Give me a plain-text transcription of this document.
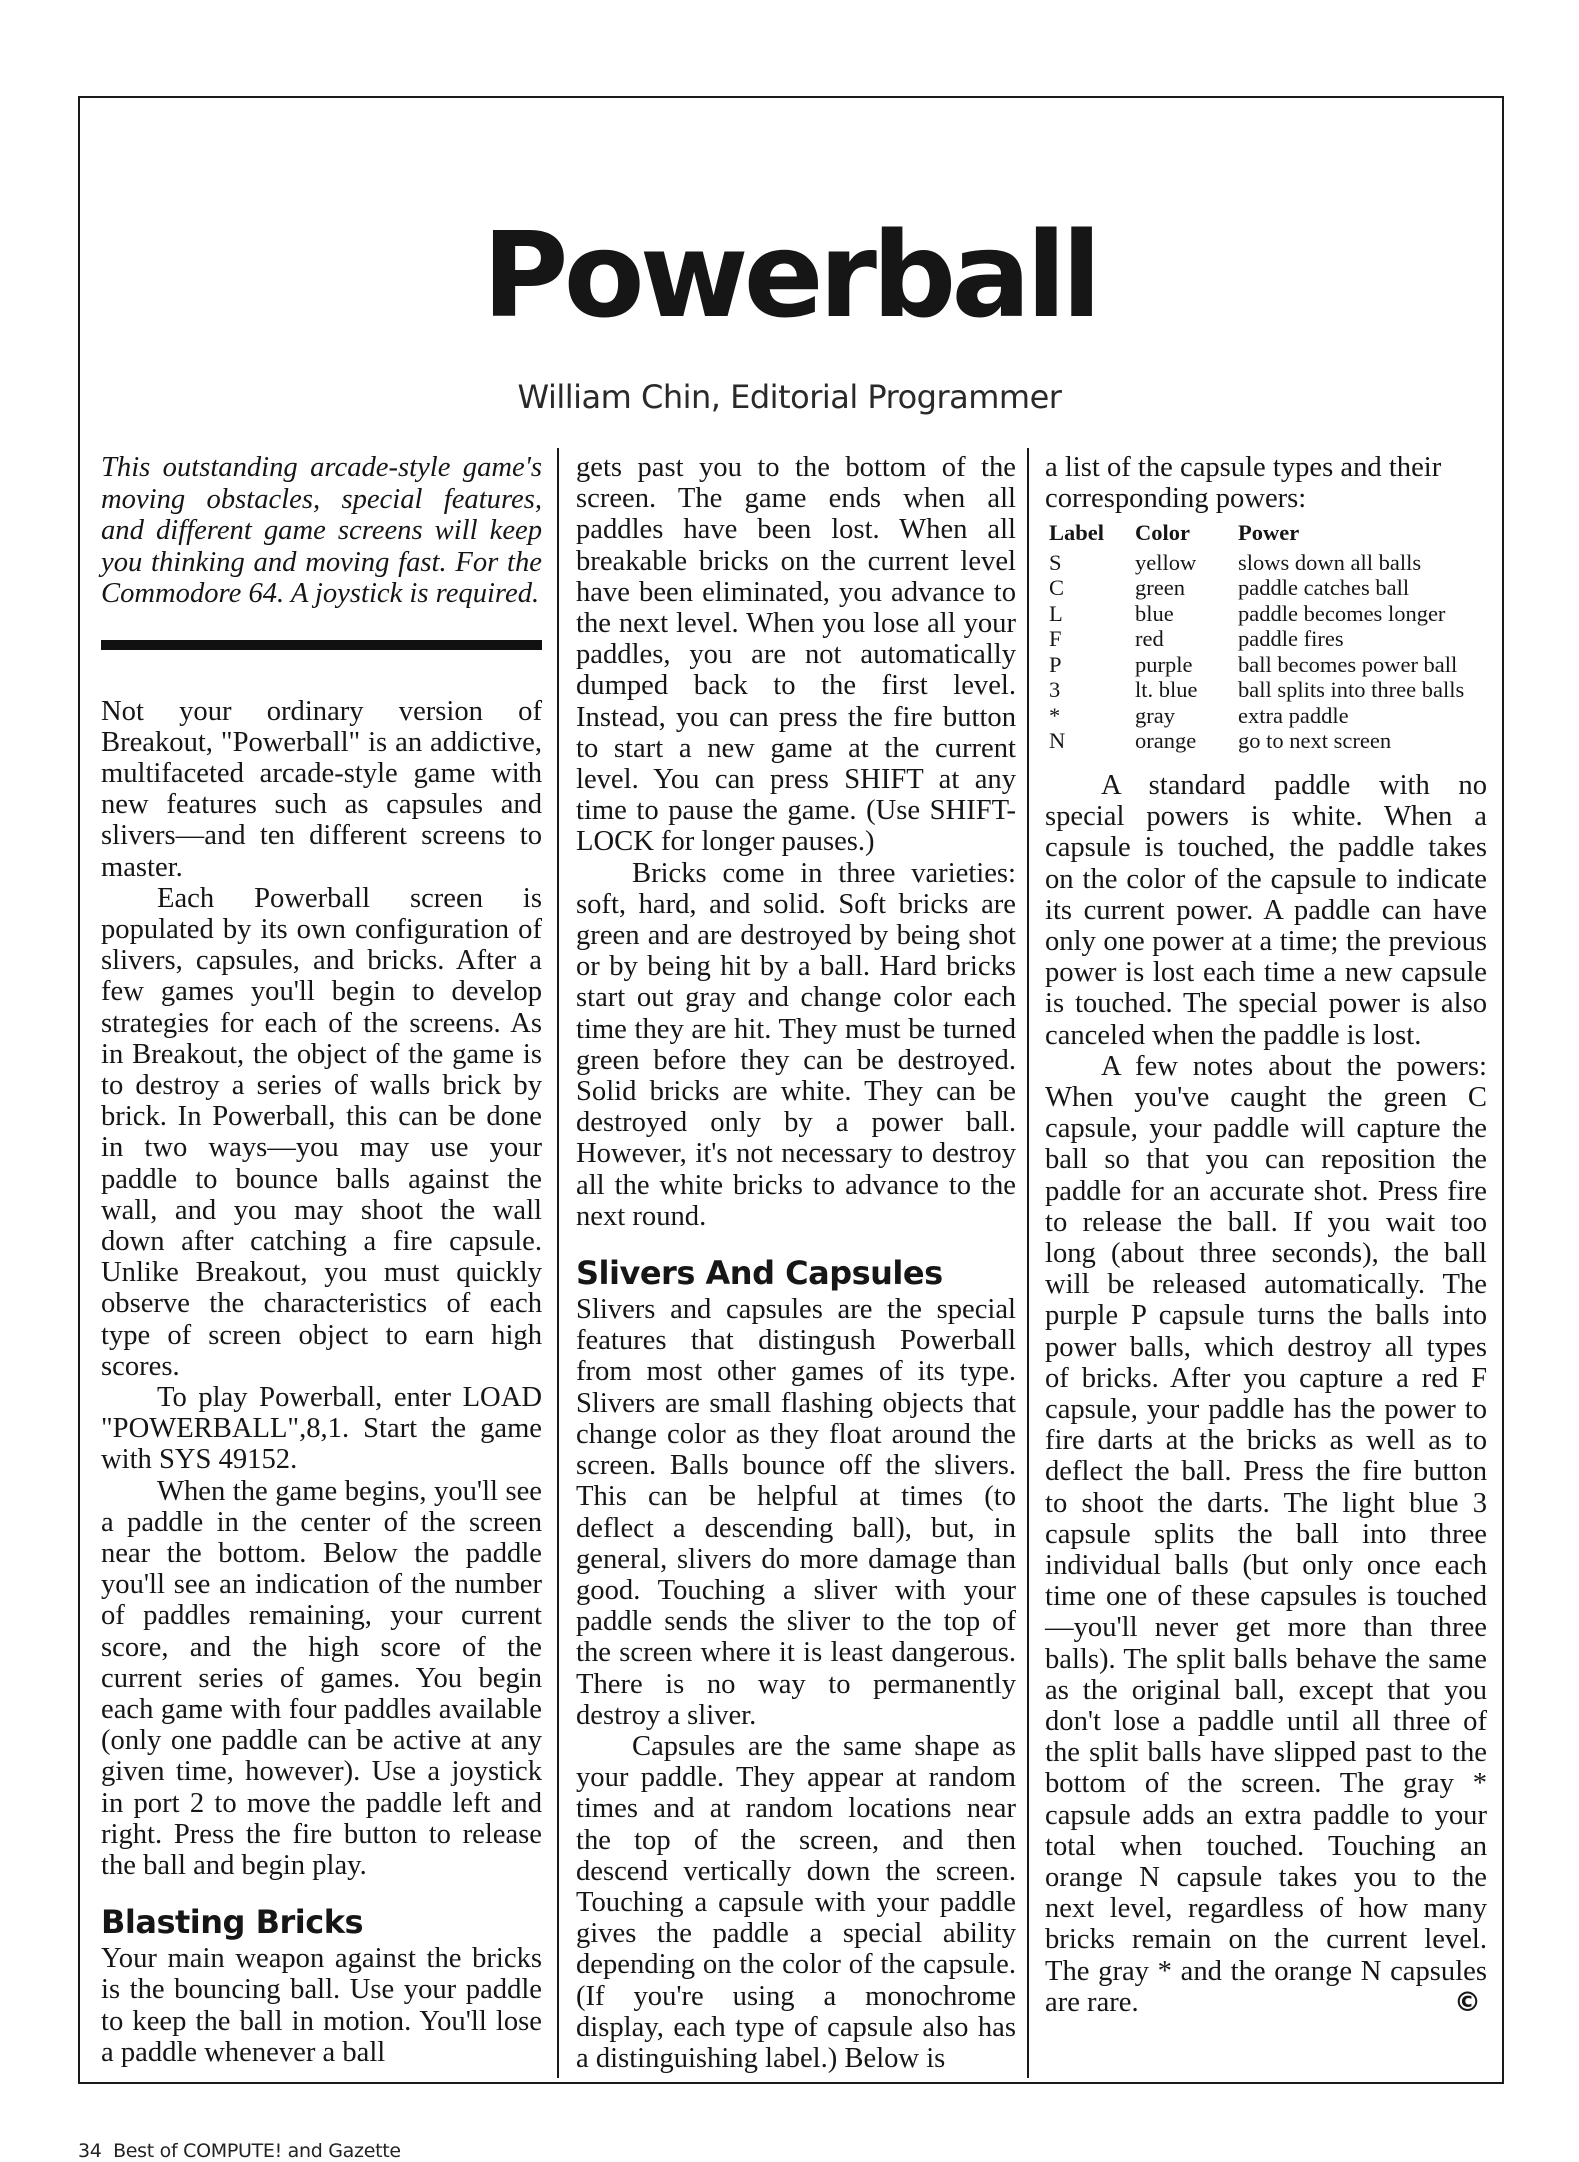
Powerball
William Chin, Editorial Programmer

This outstanding arcade-style game's moving obstacles, special features, and different game screens will keep you thinking and moving fast. For the Commodore 64. A joystick is required.

Not your ordinary version of Breakout, "Powerball" is an addictive, multifaceted arcade-style game with new features such as capsules and slivers—and ten different screens to master.

Each Powerball screen is populated by its own configuration of slivers, capsules, and bricks. After a few games you'll begin to develop strategies for each of the screens. As in Breakout, the object of the game is to destroy a series of walls brick by brick. In Powerball, this can be done in two ways—you may use your paddle to bounce balls against the wall, and you may shoot the wall down after catching a fire capsule. Unlike Breakout, you must quickly observe the characteristics of each type of screen object to earn high scores.

To play Powerball, enter LOAD "POWERBALL",8,1. Start the game with SYS 49152.

When the game begins, you'll see a paddle in the center of the screen near the bottom. Below the paddle you'll see an indication of the number of paddles remaining, your current score, and the high score of the current series of games. You begin each game with four paddles available (only one paddle can be active at any given time, however). Use a joystick in port 2 to move the paddle left and right. Press the fire button to release the ball and begin play.

Blasting Bricks

Your main weapon against the bricks is the bouncing ball. Use your paddle to keep the ball in motion. You'll lose a paddle whenever a ball

gets past you to the bottom of the screen. The game ends when all paddles have been lost. When all breakable bricks on the current level have been eliminated, you advance to the next level. When you lose all your paddles, you are not automatically dumped back to the first level. Instead, you can press the fire button to start a new game at the current level. You can press SHIFT at any time to pause the game. (Use SHIFT-LOCK for longer pauses.)

Bricks come in three varieties: soft, hard, and solid. Soft bricks are green and are destroyed by being shot or by being hit by a ball. Hard bricks start out gray and change color each time they are hit. They must be turned green before they can be destroyed. Solid bricks are white. They can be destroyed only by a power ball. However, it's not necessary to destroy all the white bricks to advance to the next round.

Slivers And Capsules

Slivers and capsules are the special features that distingush Powerball from most other games of its type. Slivers are small flashing objects that change color as they float around the screen. Balls bounce off the slivers. This can be helpful at times (to deflect a descending ball), but, in general, slivers do more damage than good. Touching a sliver with your paddle sends the sliver to the top of the screen where it is least dangerous. There is no way to permanently destroy a sliver.

Capsules are the same shape as your paddle. They appear at random times and at random locations near the top of the screen, and then descend vertically down the screen. Touching a capsule with your paddle gives the paddle a special ability depending on the color of the capsule. (If you're using a monochrome display, each type of capsule also has a distinguishing label.) Below is

a list of the capsule types and their corresponding powers:

Label	Color	Power
S	yellow	slows down all balls
C	green	paddle catches ball
L	blue	paddle becomes longer
F	red	paddle fires
P	purple	ball becomes power ball
3	lt. blue	ball splits into three balls
*	gray	extra paddle
N	orange	go to next screen

A standard paddle with no special powers is white. When a capsule is touched, the paddle takes on the color of the capsule to indicate its current power. A paddle can have only one power at a time; the previous power is lost each time a new capsule is touched. The special power is also canceled when the paddle is lost.

A few notes about the powers: When you've caught the green C capsule, your paddle will capture the ball so that you can reposition the paddle for an accurate shot. Press fire to release the ball. If you wait too long (about three seconds), the ball will be released automatically. The purple P capsule turns the balls into power balls, which destroy all types of bricks. After you capture a red F capsule, your paddle has the power to fire darts at the bricks as well as to deflect the ball. Press the fire button to shoot the darts. The light blue 3 capsule splits the ball into three individual balls (but only once each time one of these capsules is touched—you'll never get more than three balls). The split balls behave the same as the original ball, except that you don't lose a paddle until all three of the split balls have slipped past to the bottom of the screen. The gray * capsule adds an extra paddle to your total when touched. Touching an orange N capsule takes you to the next level, regardless of how many bricks remain on the current level. The gray * and the orange N capsules are rare.	©

34 Best of COMPUTE! and Gazette
